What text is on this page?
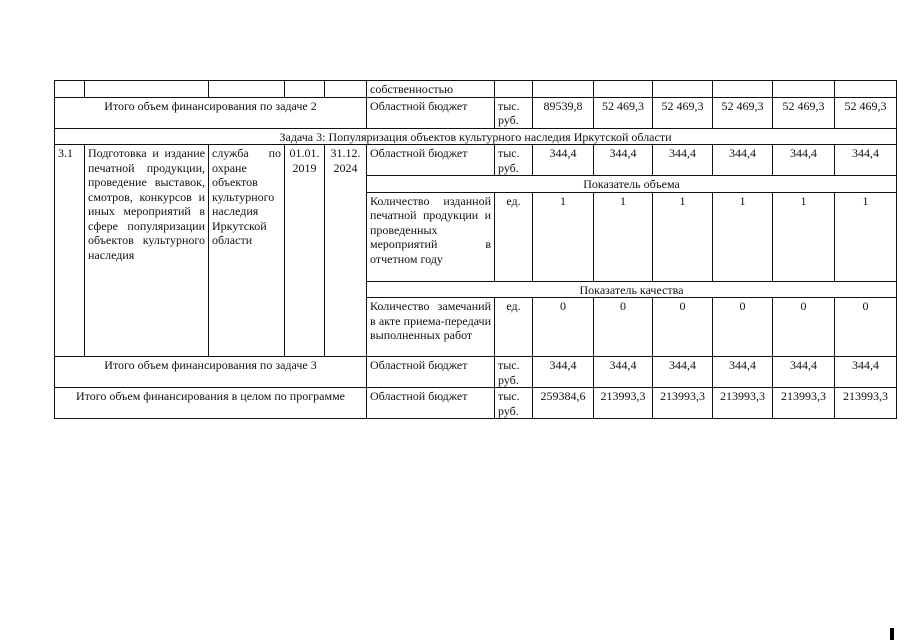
					собственностью							
Итого объем финансирования по задаче 2					Областной бюджет	тыс. руб.	89539,8	52 469,3	52 469,3	52 469,3	52 469,3	52 469,3
Задача 3: Популяризация объектов культурного наследия Иркутской области												
3.1	Подготовка и издание печатной продукции, проведение выставок, смотров, конкурсов и иных мероприятий в сфере популяризации объектов культурного наследия	служба по охране объектов культурного наследия Иркутской области	01.01.2019	31.12.2024	Областной бюджет	тыс. руб.	344,4	344,4	344,4	344,4	344,4	344,4
					Показатель объема							
					Количество изданной печатной продукции и проведенных мероприятий в отчетном году	ед.	1	1	1	1	1	1
					Показатель качества							
					Количество замечаний в акте приема-передачи выполненных работ	ед.	0	0	0	0	0	0
Итого объем финансирования по задаче 3					Областной бюджет	тыс. руб.	344,4	344,4	344,4	344,4	344,4	344,4
Итого объем финансирования в целом по программе					Областной бюджет	тыс. руб.	259384,6	213993,3	213993,3	213993,3	213993,3	213993,3
